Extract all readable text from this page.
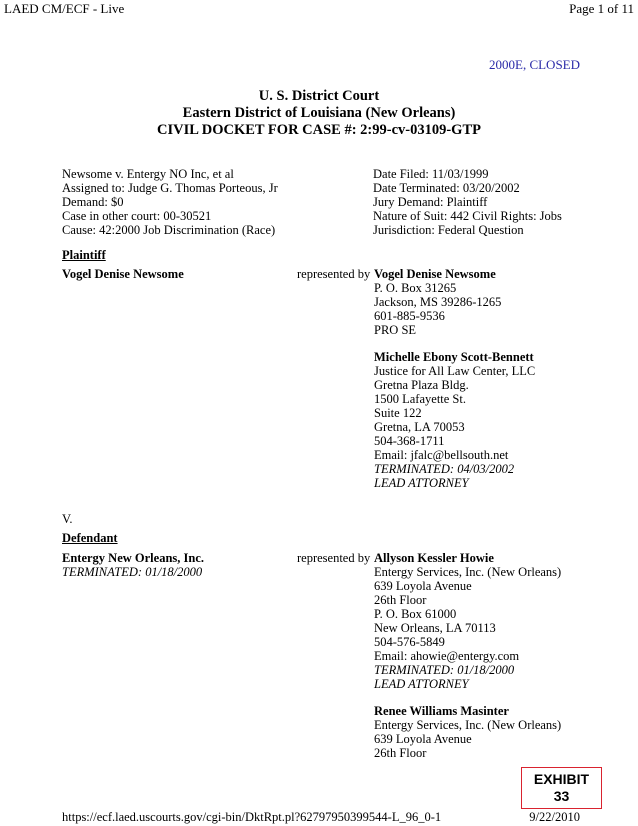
LAED CM/ECF - Live	Page 1 of 11
2000E, CLOSED
U. S. District Court
Eastern District of Louisiana (New Orleans)
CIVIL DOCKET FOR CASE #: 2:99-cv-03109-GTP
Newsome v. Entergy NO Inc, et al
Assigned to: Judge G. Thomas Porteous, Jr
Demand: $0
Case in other court: 00-30521
Cause: 42:2000 Job Discrimination (Race)
Date Filed: 11/03/1999
Date Terminated: 03/20/2002
Jury Demand: Plaintiff
Nature of Suit: 442 Civil Rights: Jobs
Jurisdiction: Federal Question
Plaintiff
Vogel Denise Newsome	represented by Vogel Denise Newsome
P. O. Box 31265
Jackson, MS 39286-1265
601-885-9536
PRO SE
Michelle Ebony Scott-Bennett
Justice for All Law Center, LLC
Gretna Plaza Bldg.
1500 Lafayette St.
Suite 122
Gretna, LA 70053
504-368-1711
Email: jfalc@bellsouth.net
TERMINATED: 04/03/2002
LEAD ATTORNEY
V.
Defendant
Entergy New Orleans, Inc.
TERMINATED: 01/18/2000
represented by Allyson Kessler Howie
Entergy Services, Inc. (New Orleans)
639 Loyola Avenue
26th Floor
P. O. Box 61000
New Orleans, LA 70113
504-576-5849
Email: ahowie@entergy.com
TERMINATED: 01/18/2000
LEAD ATTORNEY
Renee Williams Masinter
Entergy Services, Inc. (New Orleans)
639 Loyola Avenue
26th Floor
EXHIBIT
33
https://ecf.laed.uscourts.gov/cgi-bin/DktRpt.pl?62797950399544-L_96_0-1	9/22/2010
